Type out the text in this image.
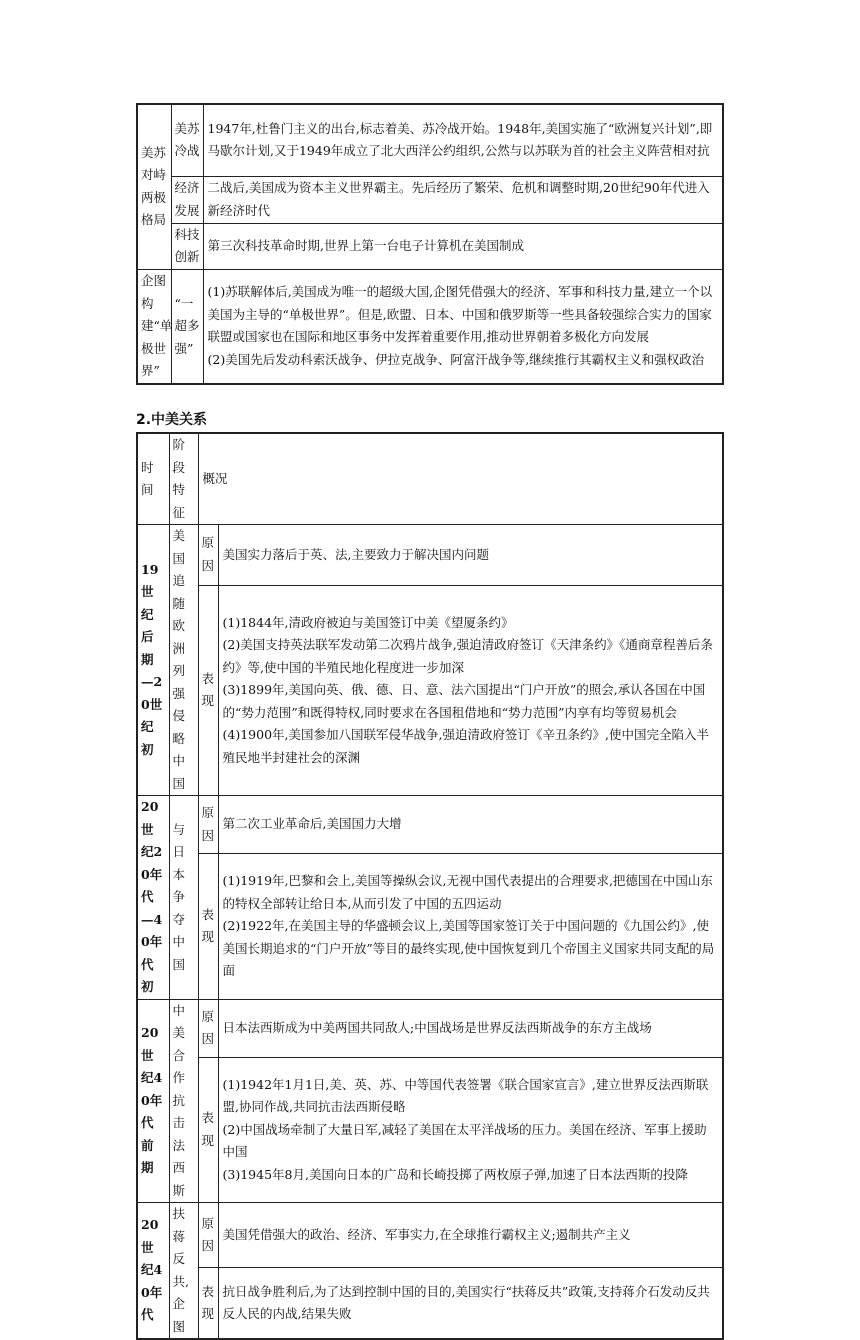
美苏对峙两极格局	美苏冷战	1947年,杜鲁门主义的出台,标志着美、苏冷战开始。1948年,美国实施了“欧洲复兴计划”,即马歇尔计划,又于1949年成立了北大西洋公约组织,公然与以苏联为首的社会主义阵营相对抗
	经济发展	二战后,美国成为资本主义世界霸主。先后经历了繁荣、危机和调整时期,20世纪90年代进入新经济时代
	科技创新	第三次科技革命时期,世界上第一台电子计算机在美国制成
企图构建“单极世界”	“一超多强”	(1)苏联解体后,美国成为唯一的超级大国,企图凭借强大的经济、军事和科技力量,建立一个以美国为主导的“单极世界”。但是,欧盟、日本、中国和俄罗斯等一些具备较强综合实力的国家联盟或国家也在国际和地区事务中发挥着重要作用,推动世界朝着多极化方向发展
(2)美国先后发动科索沃战争、伊拉克战争、阿富汗战争等,继续推行其霸权主义和强权政治
2.中美关系
时间	阶段特征	概况	
19世纪后期—20世纪初	美国追随欧洲列强侵略中国	原因	美国实力落后于英、法,主要致力于解决国内问题
		表现	(1)1844年,清政府被迫与美国签订中美《望厦条约》
(2)美国支持英法联军发动第二次鸦片战争,强迫清政府签订《天津条约》《通商章程善后条约》等,使中国的半殖民地化程度进一步加深
(3)1899年,美国向英、俄、德、日、意、法六国提出“门户开放”的照会,承认各国在中国的“势力范围”和既得特权,同时要求在各国租借地和“势力范围”内享有均等贸易机会
(4)1900年,美国参加八国联军侵华战争,强迫清政府签订《辛丑条约》,使中国完全陷入半殖民地半封建社会的深渊

20世纪20年代—40年代初	与日本争夺中国	原因	第二次工业革命后,美国国力大增
		表现	(1)1919年,巴黎和会上,美国等操纵会议,无视中国代表提出的合理要求,把德国在中国山东的特权全部转让给日本,从而引发了中国的五四运动
(2)1922年,在美国主导的华盛顿会议上,美国等国家签订关于中国问题的《九国公约》,使美国长期追求的“门户开放”等目的最终实现,使中国恢复到几个帝国主义国家共同支配的局面

20世纪40年代前期	中美合作抗击法西斯	原因	日本法西斯成为中美两国共同敌人;中国战场是世界反法西斯战争的东方主战场
		表现	(1)1942年1月1日,美、英、苏、中等国代表签署《联合国家宣言》,建立世界反法西斯联盟,协同作战,共同抗击法西斯侵略
(2)中国战场牵制了大量日军,减轻了美国在太平洋战场的压力。美国在经济、军事上援助中国
(3)1945年8月,美国向日本的广岛和长崎投掷了两枚原子弹,加速了日本法西斯的投降

20世纪40年代	扶蒋反共,企图	原因	美国凭借强大的政治、经济、军事实力,在全球推行霸权主义;遏制共产主义
		表现	抗日战争胜利后,为了达到控制中国的目的,美国实行“扶蒋反共”政策,支持蒋介石发动反共反人民的内战,结果失败
